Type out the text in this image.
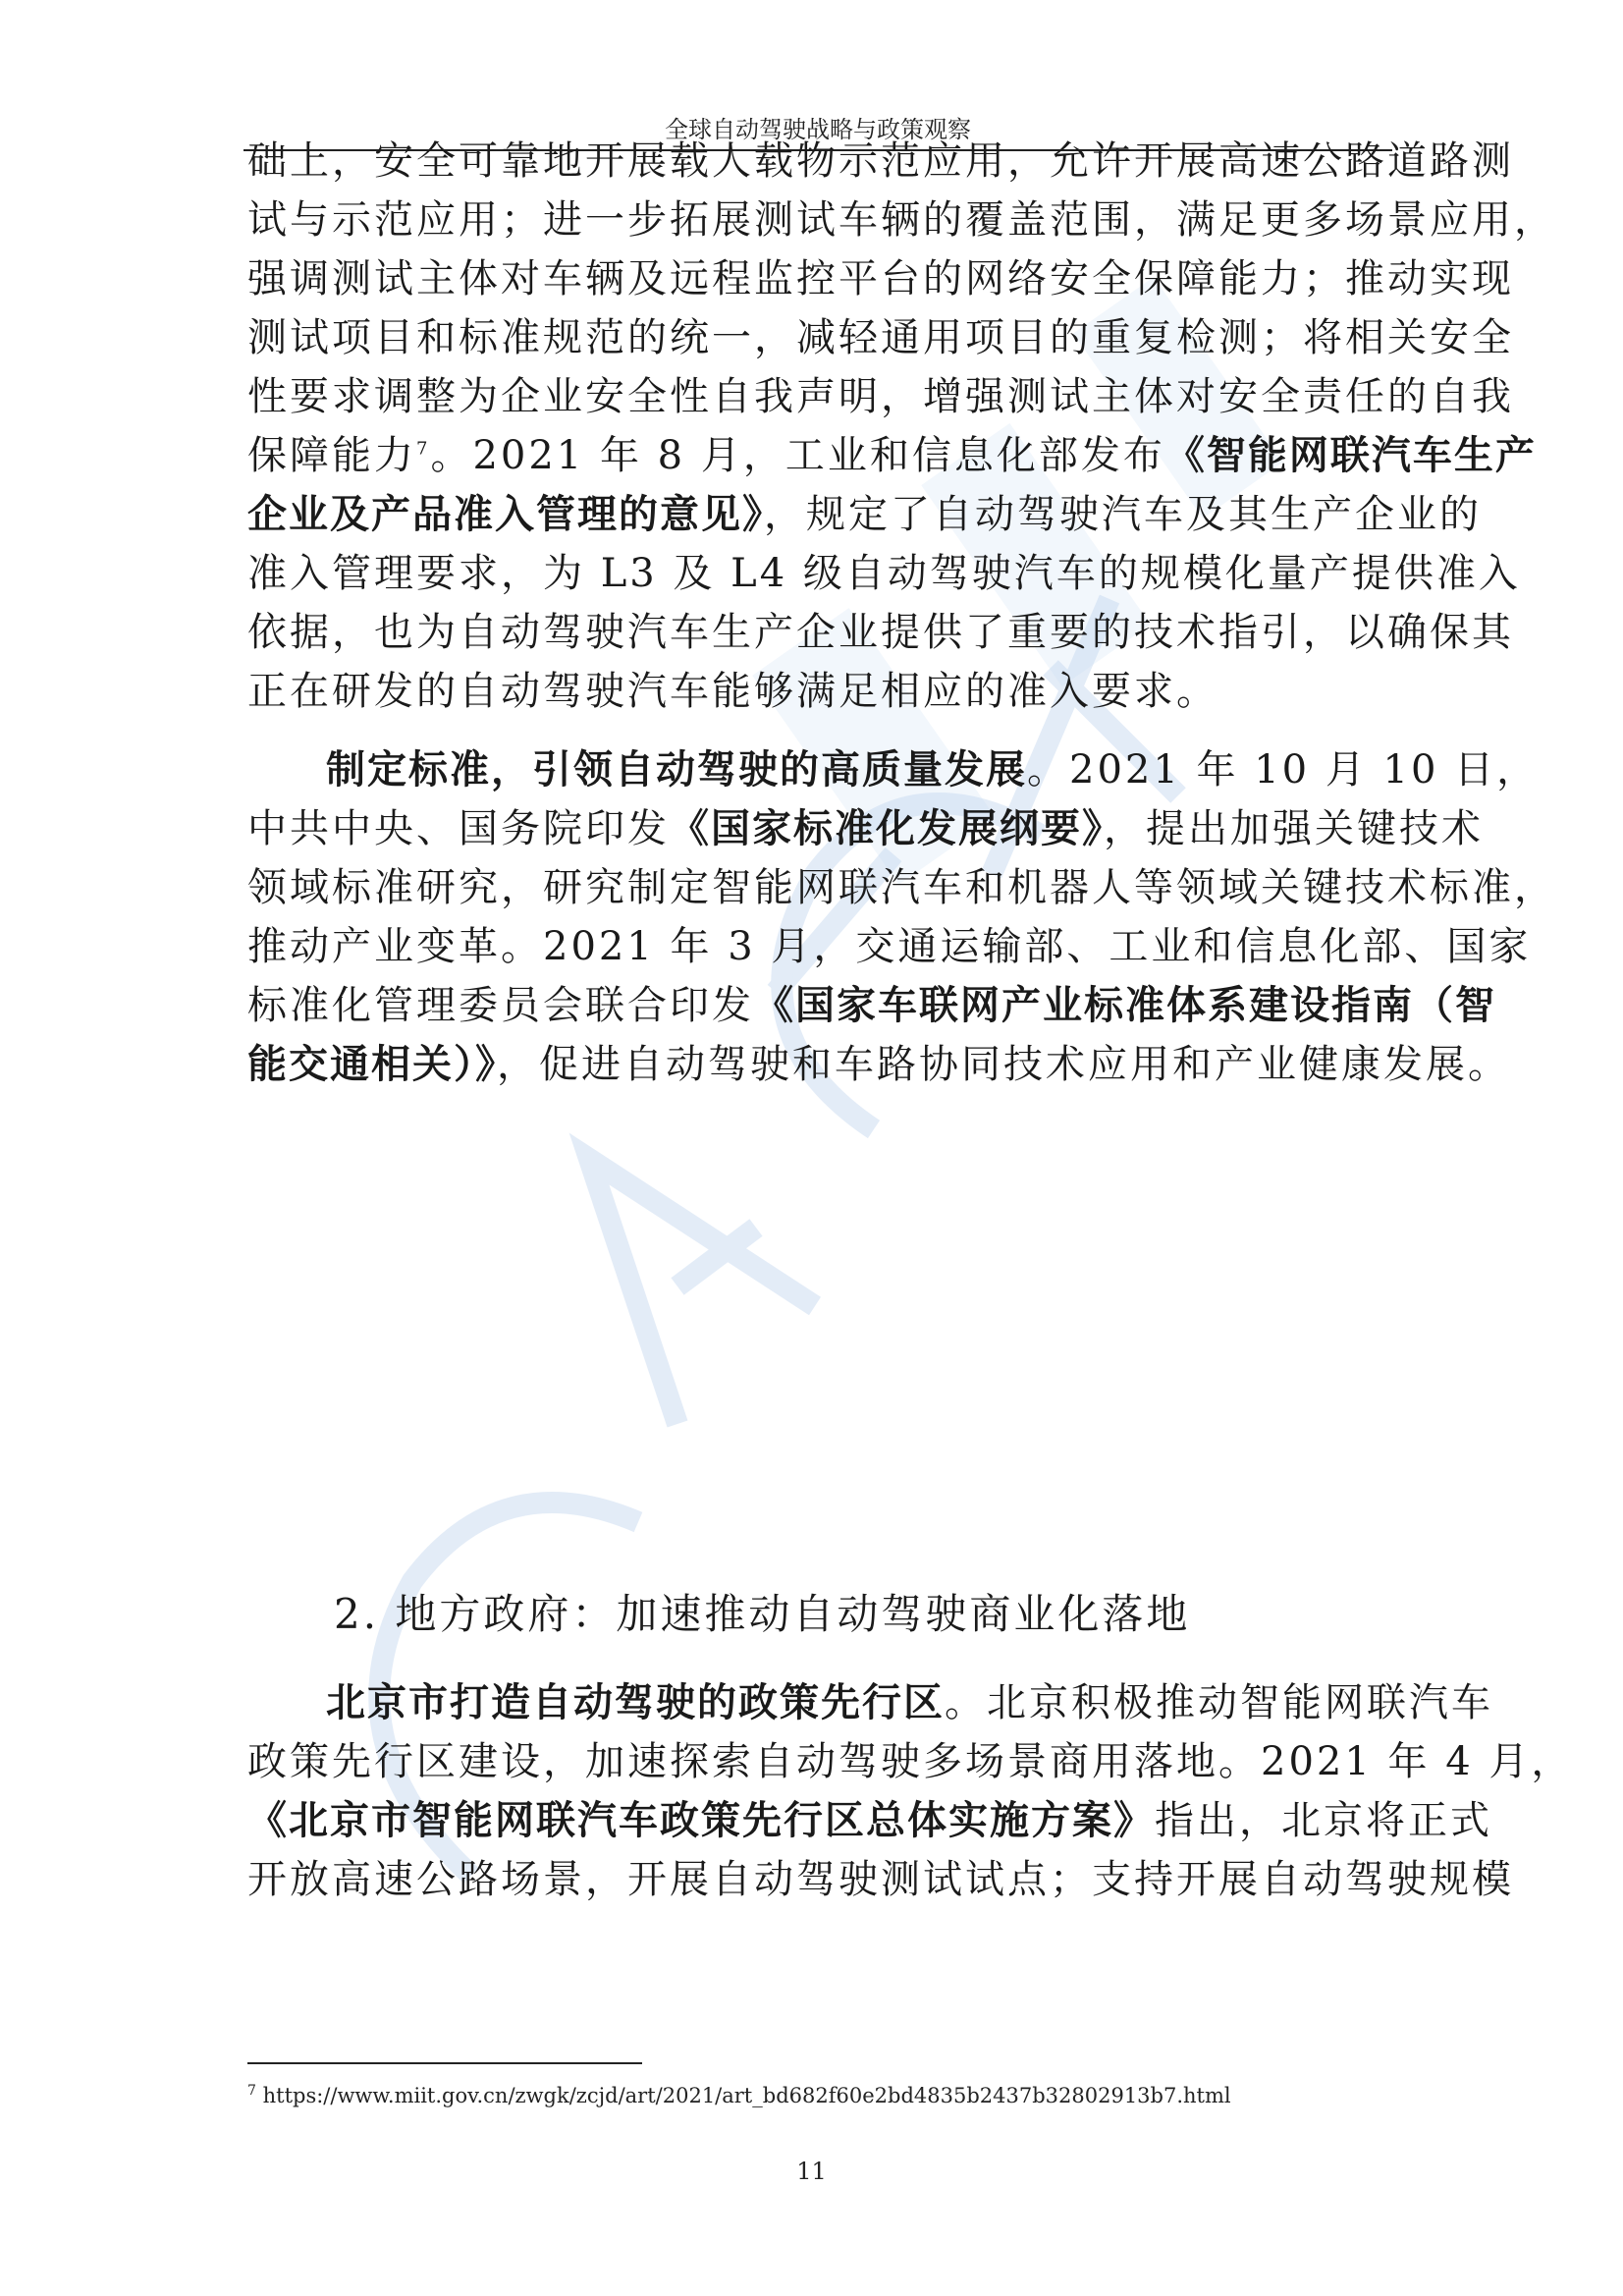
全球自动驾驶战略与政策观察
础上，安全可靠地开展载人载物示范应用，允许开展高速公路道路测
试与示范应用；进一步拓展测试车辆的覆盖范围，满足更多场景应用，
强调测试主体对车辆及远程监控平台的网络安全保障能力；推动实现
测试项目和标准规范的统一，减轻通用项目的重复检测；将相关安全
性要求调整为企业安全性自我声明，增强测试主体对安全责任的自我
保障能力$^7$。2021 年 8 月，工业和信息化部发布《智能网联汽车生产
企业及产品准入管理的意见》，规定了自动驾驶汽车及其生产企业的
准入管理要求，为 L3 及 L4 级自动驾驶汽车的规模化量产提供准入
依据，也为自动驾驶汽车生产企业提供了重要的技术指引，以确保其
正在研发的自动驾驶汽车能够满足相应的准入要求。
制定标准，引领自动驾驶的高质量发展。2021 年 10 月 10 日，
中共中央、国务院印发《国家标准化发展纲要》，提出加强关键技术
领域标准研究，研究制定智能网联汽车和机器人等领域关键技术标准，
推动产业变革。2021 年 3 月，交通运输部、工业和信息化部、国家
标准化管理委员会联合印发《国家车联网产业标准体系建设指南（智
能交通相关）》，促进自动驾驶和车路协同技术应用和产业健康发展。
2. 地方政府：加速推动自动驾驶商业化落地
北京市打造自动驾驶的政策先行区。北京积极推动智能网联汽车
政策先行区建设，加速探索自动驾驶多场景商用落地。2021 年 4 月，
《北京市智能网联汽车政策先行区总体实施方案》指出，北京将正式
开放高速公路场景，开展自动驾驶测试试点；支持开展自动驾驶规模
$^7$ https://www.miit.gov.cn/zwgk/zcjd/art/2021/art_bd682f60e2bd4835b2437b32802913b7.html
11
